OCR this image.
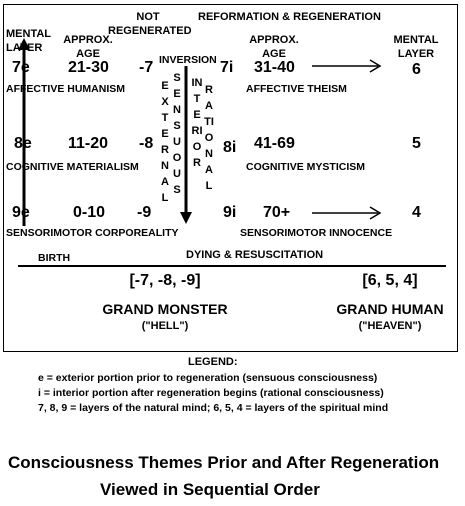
MENTAL
LAYER
APPROX.
AGE
NOT
REGENERATED
REFORMATION & REGENERATION
INVERSION
APPROX.
AGE
MENTAL
LAYER
EXTERNAL
SENSUOUS
INTERIOR
RATIONAL
7e 21-30 -7
AFFECTIVE HUMANISM
7i 31-40
AFFECTIVE THEISM
6
8e 11-20 -8
COGNITIVE MATERIALISM
8i 41-69
COGNITIVE MYSTICISM
5
9e	0-10 -9
SENSORIMOTOR CORPOREALITY
9i 70+
SENSORIMOTOR INNOCENCE
4
BIRTH	DYING & RESUSCITATION
[-7, -8, -9]
GRAND MONSTER
("HELL")
[6, 5, 4]
GRAND HUMAN
("HEAVEN")
LEGEND:
e = exterior portion prior to regeneration (sensuous consciousness)
i = interior portion after regeneration begins (rational consciousness)
7, 8, 9 = layers of the natural mind; 6, 5, 4 = layers of the spiritual mind
Consciousness Themes Prior and After Regeneration
Viewed in Sequential Order
